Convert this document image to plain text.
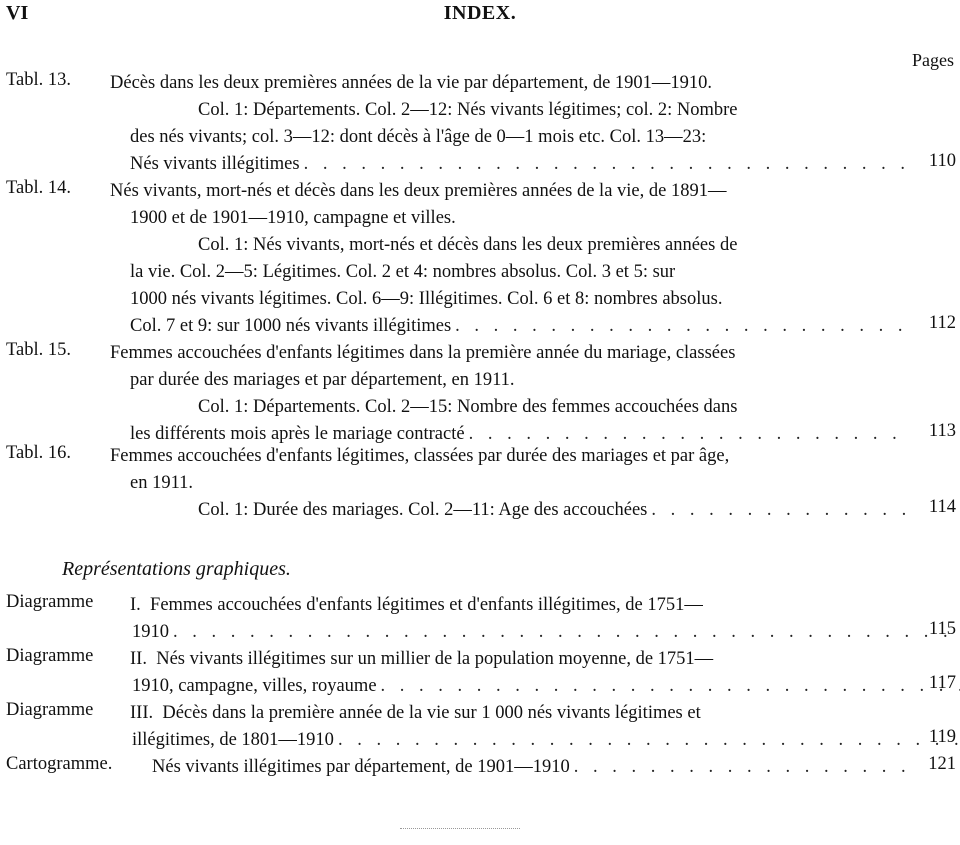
VI	INDEX.
Pages
Tabl. 13. Décès dans les deux premières années de la vie par département, de 1901—1910.
Col. 1: Départements. Col. 2—12: Nés vivants légitimes; col. 2: Nombre
des nés vivants; col. 3—12: dont décès à l'âge de 0—1 mois etc. Col. 13—23:
Nés vivants illégitimes . . .	110
Tabl. 14. Nés vivants, mort-nés et décès dans les deux premières années de la vie, de 1891—
1900 et de 1901—1910, campagne et villes.
Col. 1: Nés vivants, mort-nés et décès dans les deux premières années de
la vie. Col. 2—5: Légitimes. Col. 2 et 4: nombres absolus. Col. 3 et 5: sur
1000 nés vivants légitimes. Col. 6—9: Illégitimes. Col. 6 et 8: nombres absolus.
Col. 7 et 9: sur 1000 nés vivants illégitimes . . .	112
Tabl. 15. Femmes accouchées d'enfants légitimes dans la première année du mariage, classées
par durée des mariages et par département, en 1911.
Col. 1: Départements. Col. 2—15: Nombre des femmes accouchées dans
les différents mois après le mariage contracté . . .	113
Tabl. 16. Femmes accouchées d'enfants légitimes, classées par durée des mariages et par âge,
en 1911.
Col. 1: Durée des mariages. Col. 2—11: Age des accouchées . . .	114
Représentations graphiques.
Diagramme I.
Femmes accouchées d'enfants légitimes et d'enfants illégitimes, de 1751—
1910 . . .	115
Diagramme II.
Nés vivants illégitimes sur un millier de la population moyenne, de 1751—
1910, campagne, villes, royaume . . .	117
Diagramme III.
Décès dans la première année de la vie sur 1 000 nés vivants légitimes et
illégitimes, de 1801—1910 . . .	119
Cartogramme. Nés vivants illégitimes par département, de 1901—1910 . . .	121
